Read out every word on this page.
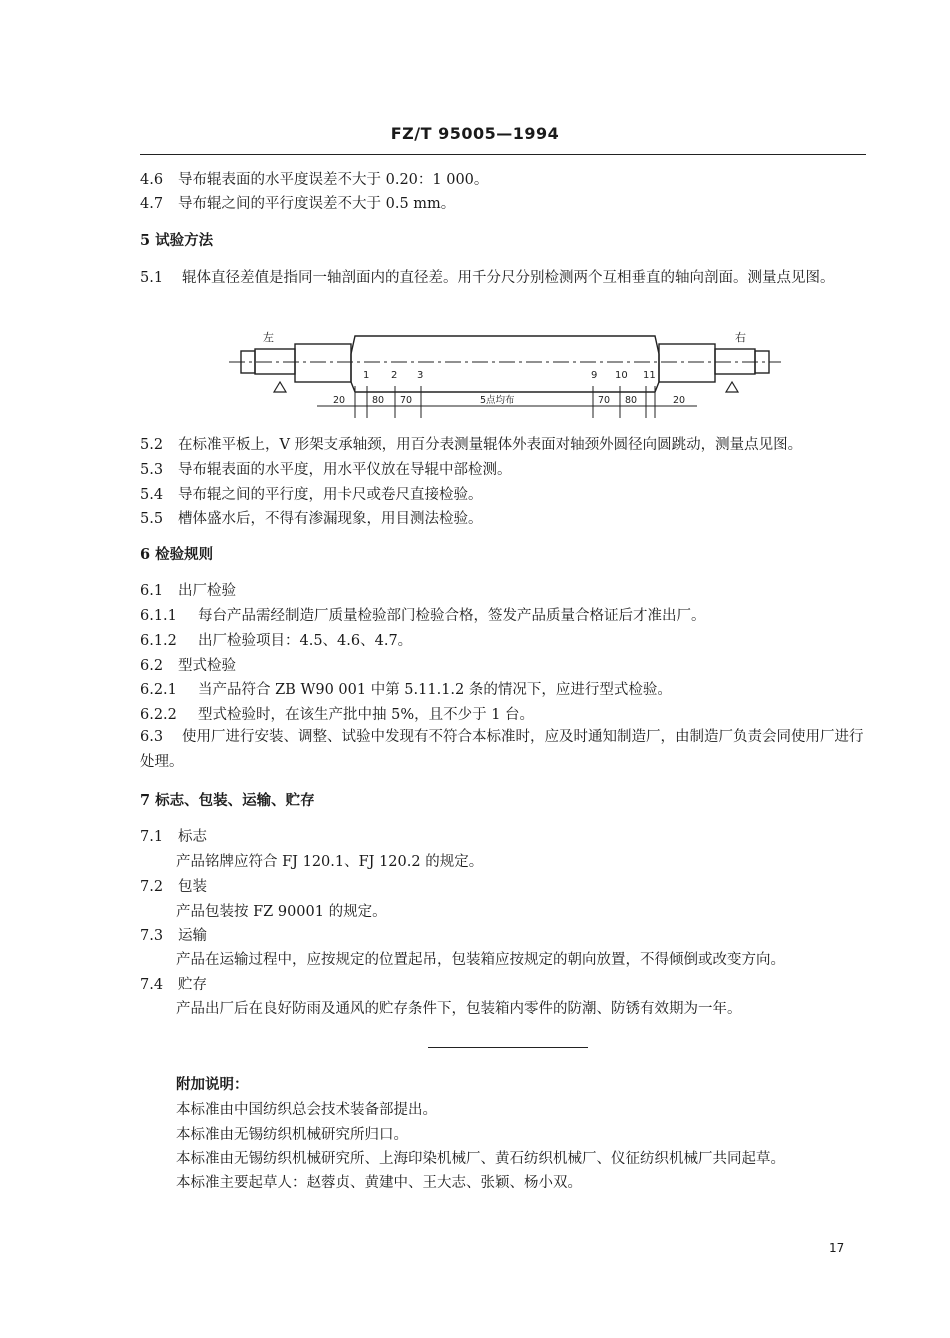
FZ/T 95005—1994
4.6 导布辊表面的水平度误差不大于 0.20：1 000。
4.7 导布辊之间的平行度误差不大于 0.5 mm。
5 试验方法
5.1 辊体直径差值是指同一轴剖面内的直径差。用千分尺分别检测两个互相垂直的轴向剖面。测量点见图。
左	右
1 2 3	9 10 11
20	80 70	5点均布	70 80	20
5.2 在标准平板上，V 形架支承轴颈，用百分表测量辊体外表面对轴颈外圆径向圆跳动，测量点见图。
5.3 导布辊表面的水平度，用水平仪放在导辊中部检测。
5.4 导布辊之间的平行度，用卡尺或卷尺直接检验。
5.5 槽体盛水后，不得有渗漏现象，用目测法检验。
6 检验规则
6.1 出厂检验
6.1.1 每台产品需经制造厂质量检验部门检验合格，签发产品质量合格证后才准出厂。
6.1.2 出厂检验项目：4.5、4.6、4.7。
6.2 型式检验
6.2.1 当产品符合 ZB W90 001 中第 5.11.1.2 条的情况下，应进行型式检验。
6.2.2 型式检验时，在该生产批中抽 5%，且不少于 1 台。
6.3 使用厂进行安装、调整、试验中发现有不符合本标准时，应及时通知制造厂，由制造厂负责会同使用厂进行处理。
7 标志、包装、运输、贮存
7.1 标志
产品铭牌应符合 FJ 120.1、FJ 120.2 的规定。
7.2 包装
产品包装按 FZ 90001 的规定。
7.3 运输
产品在运输过程中，应按规定的位置起吊，包装箱应按规定的朝向放置，不得倾倒或改变方向。
7.4 贮存
产品出厂后在良好防雨及通风的贮存条件下，包装箱内零件的防潮、防锈有效期为一年。
附加说明：
本标准由中国纺织总会技术装备部提出。
本标准由无锡纺织机械研究所归口。
本标准由无锡纺织机械研究所、上海印染机械厂、黄石纺织机械厂、仪征纺织机械厂共同起草。
本标准主要起草人：赵蓉贞、黄建中、王大志、张颖、杨小双。
17
